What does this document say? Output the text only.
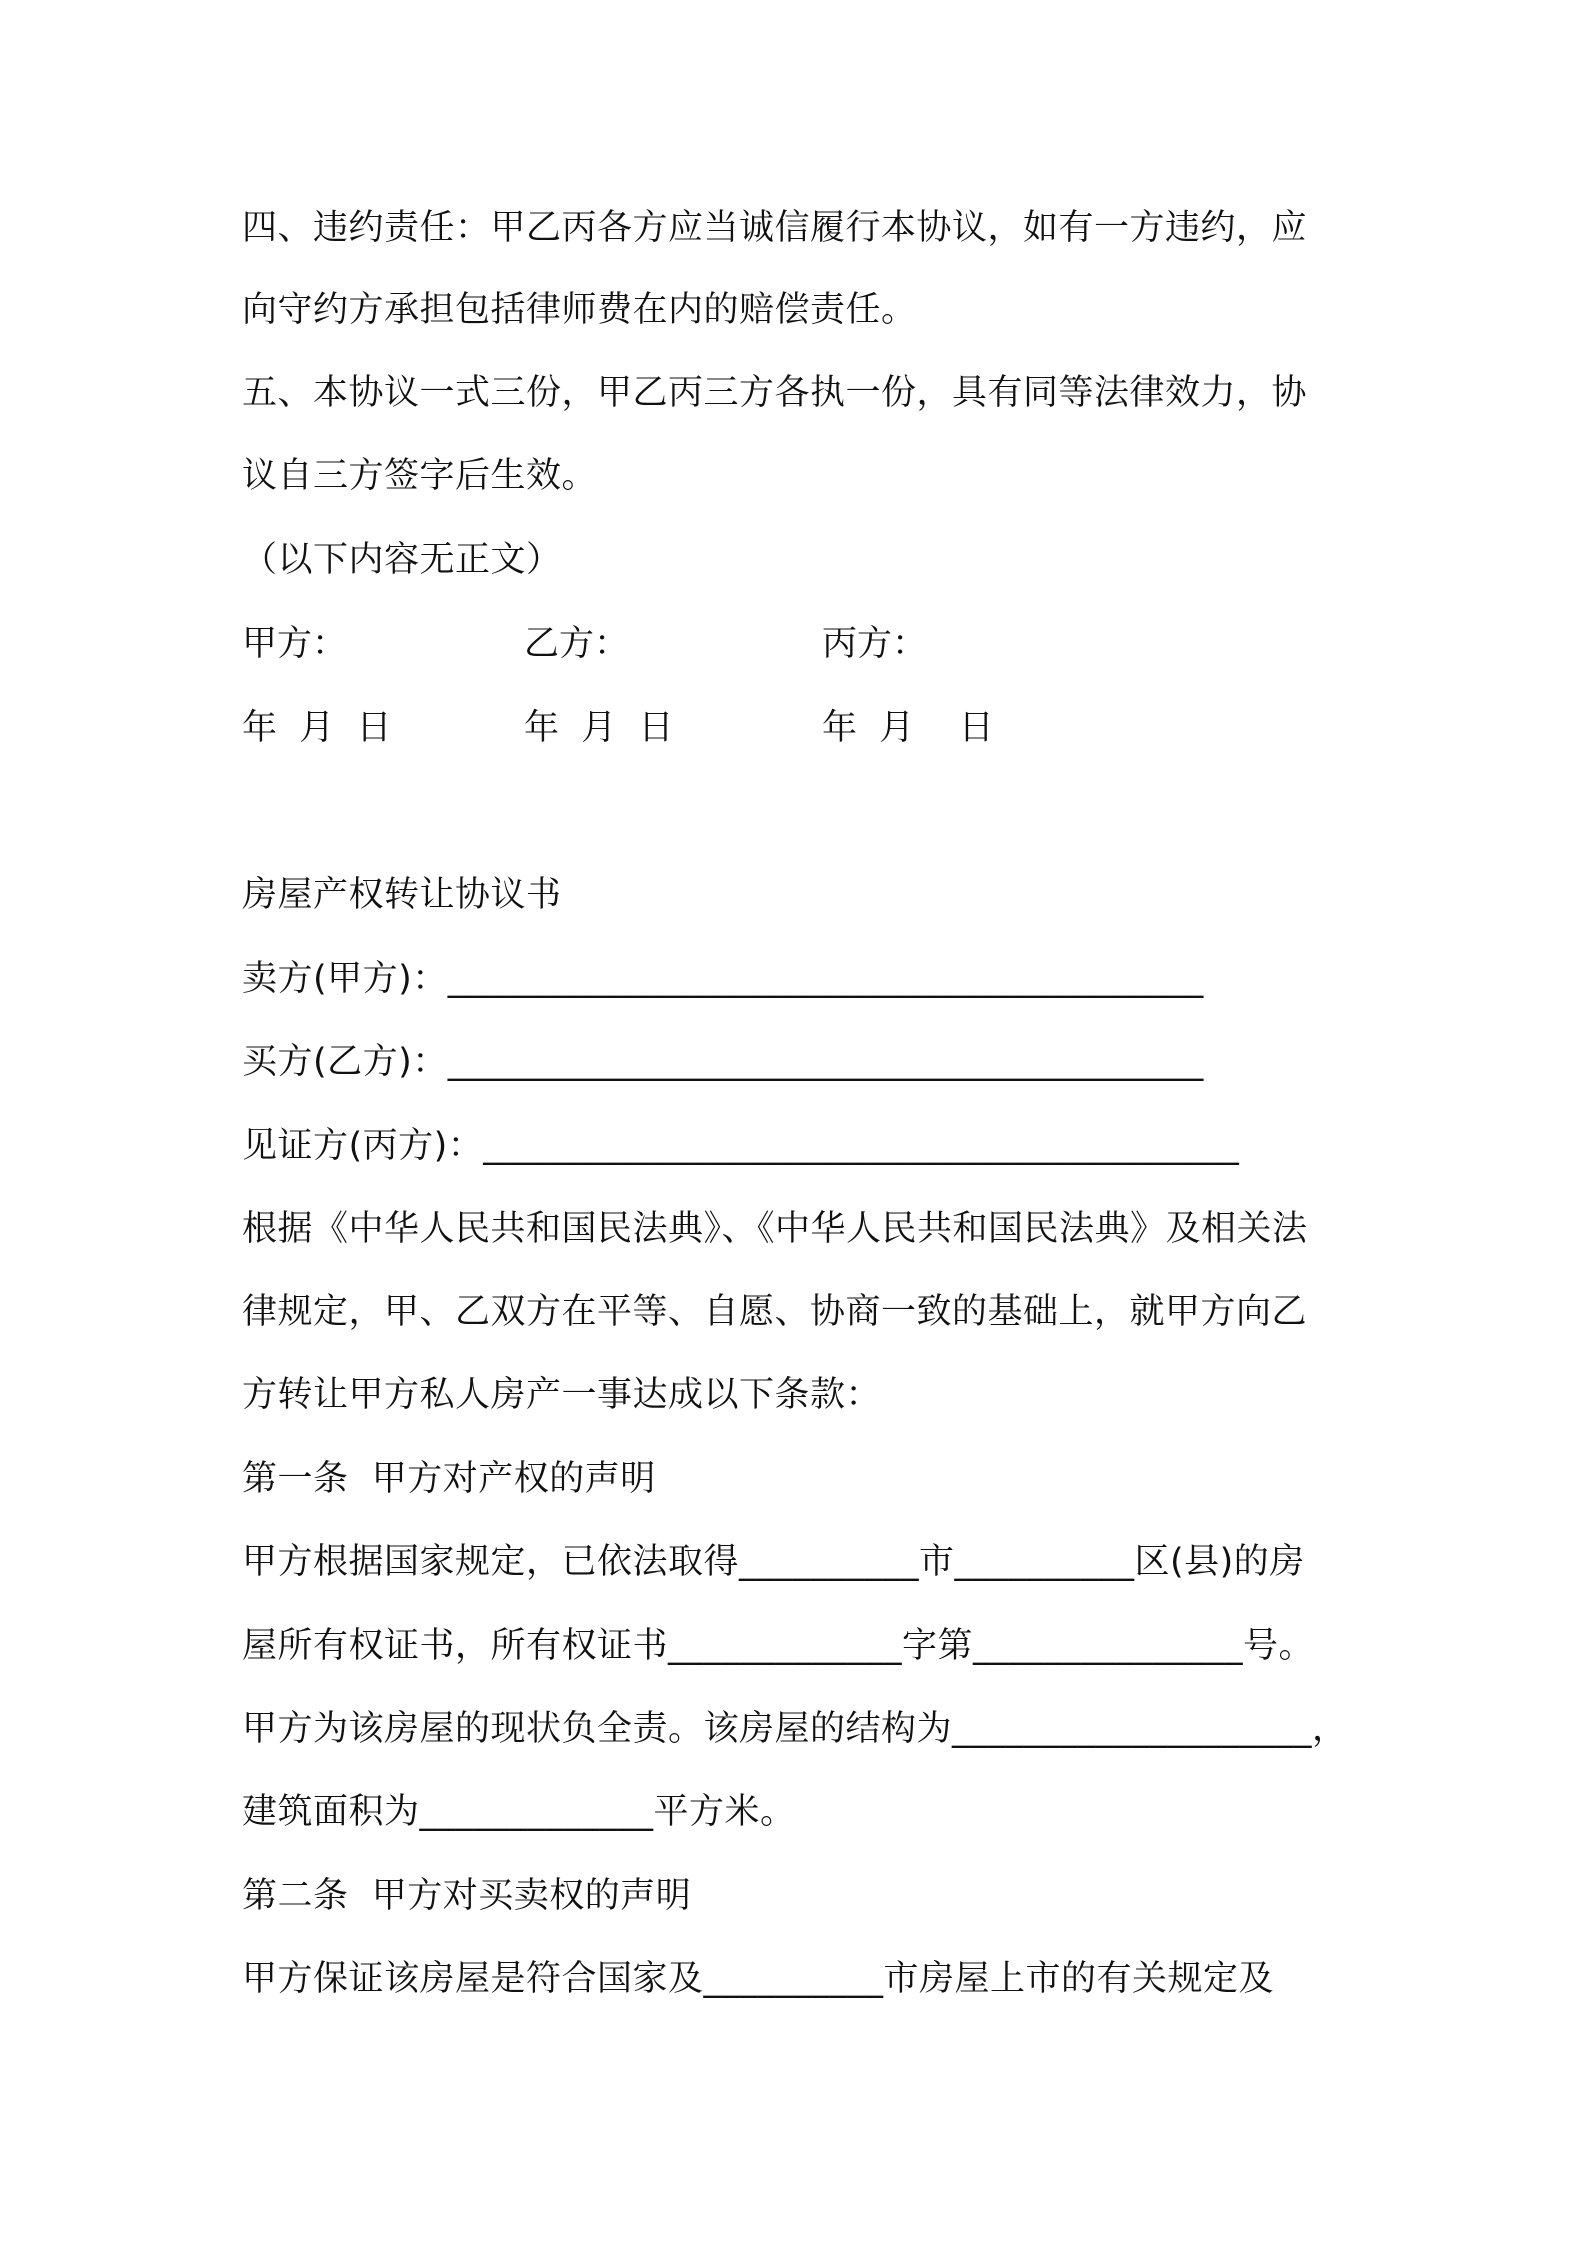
四、违约责任：甲乙丙各方应当诚信履行本协议，如有一方违约，应
向守约方承担包括律师费在内的赔偿责任。
五、本协议一式三份，甲乙丙三方各执一份，具有同等法律效力，协
议自三方签字后生效。
（以下内容无正文）
甲方：	乙方：	丙方：
年  月  日	年  月  日	年  月    日
房屋产权转让协议书
卖方(甲方)：__________________________________________
买方(乙方)：__________________________________________
见证方(丙方)：__________________________________________
根据《中华人民共和国民法典》、《中华人民共和国民法典》及相关法
律规定，甲、乙双方在平等、自愿、协商一致的基础上，就甲方向乙
方转让甲方私人房产一事达成以下条款：
第一条  甲方对产权的声明
甲方根据国家规定，已依法取得__________市__________区(县)的房
屋所有权证书，所有权证书_____________字第_______________号。
甲方为该房屋的现状负全责。该房屋的结构为____________________，
建筑面积为_____________平方米。
第二条  甲方对买卖权的声明
甲方保证该房屋是符合国家及__________市房屋上市的有关规定及
